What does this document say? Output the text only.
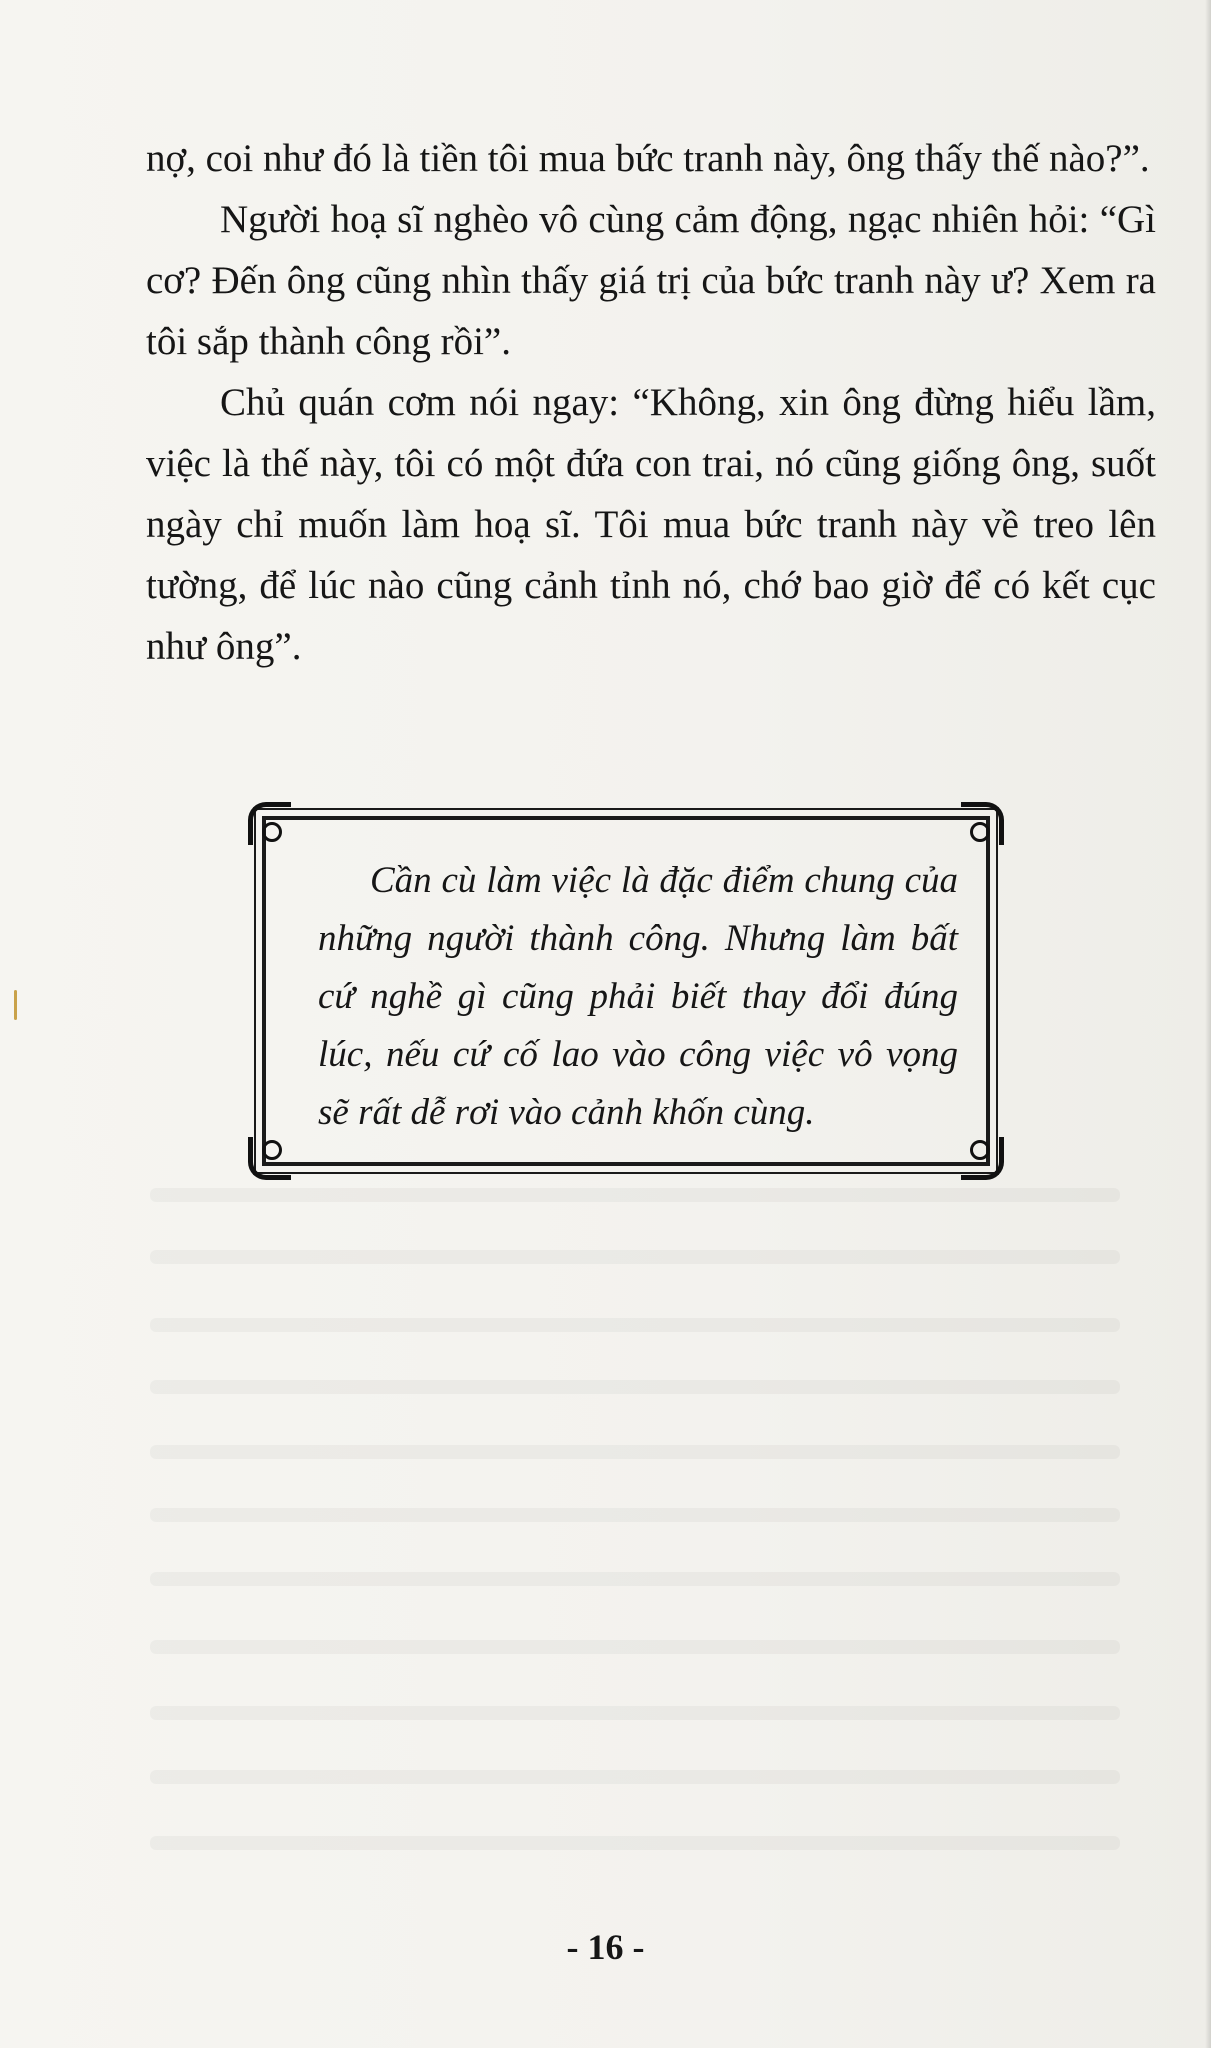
nợ, coi như đó là tiền tôi mua bức tranh này, ông thấy thế nào?”.

Người hoạ sĩ nghèo vô cùng cảm động, ngạc nhiên hỏi: “Gì cơ? Đến ông cũng nhìn thấy giá trị của bức tranh này ư? Xem ra tôi sắp thành công rồi”.

Chủ quán cơm nói ngay: “Không, xin ông đừng hiểu lầm, việc là thế này, tôi có một đứa con trai, nó cũng giống ông, suốt ngày chỉ muốn làm hoạ sĩ. Tôi mua bức tranh này về treo lên tường, để lúc nào cũng cảnh tỉnh nó, chớ bao giờ để có kết cục như ông”.

Cần cù làm việc là đặc điểm chung của những người thành công. Nhưng làm bất cứ nghề gì cũng phải biết thay đổi đúng lúc, nếu cứ cố lao vào công việc vô vọng sẽ rất dễ rơi vào cảnh khốn cùng.
- 16 -
